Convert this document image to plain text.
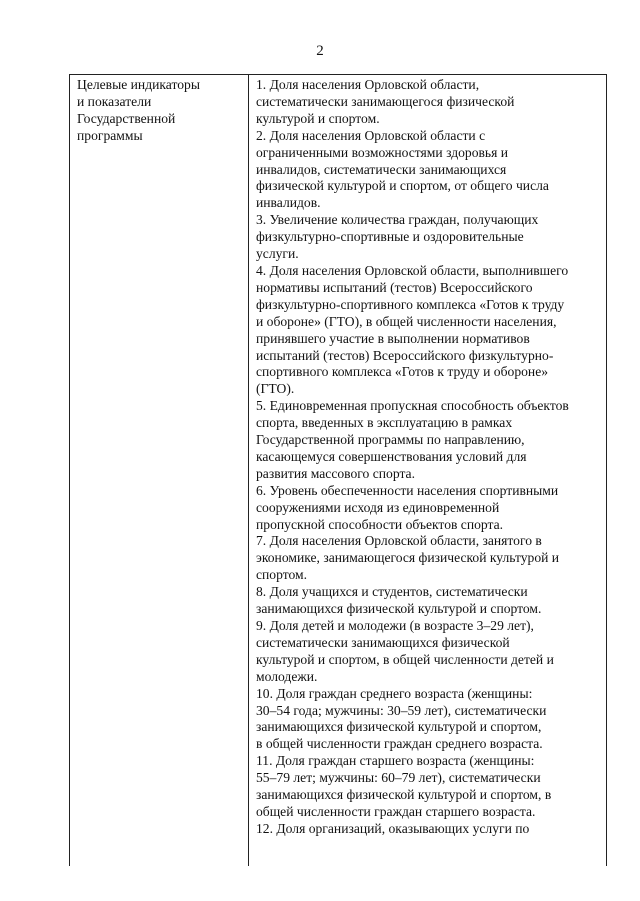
2
Целевые индикаторы
и показатели
Государственной
программы

1. Доля населения Орловской области,
систематически занимающегося физической
культурой и спортом.
2. Доля населения Орловской области с
ограниченными возможностями здоровья и
инвалидов, систематически занимающихся
физической культурой и спортом, от общего числа
инвалидов.
3. Увеличение количества граждан, получающих
физкультурно-спортивные и оздоровительные
услуги.
4. Доля населения Орловской области, выполнившего
нормативы испытаний (тестов) Всероссийского
физкультурно-спортивного комплекса «Готов к труду
и обороне» (ГТО), в общей численности населения,
принявшего участие в выполнении нормативов
испытаний (тестов) Всероссийского физкультурно-
спортивного комплекса «Готов к труду и обороне»
(ГТО).
5. Единовременная пропускная способность объектов
спорта, введенных в эксплуатацию в рамках
Государственной программы по направлению,
касающемуся совершенствования условий для
развития массового спорта.
6. Уровень обеспеченности населения спортивными
сооружениями исходя из единовременной
пропускной способности объектов спорта.
7. Доля населения Орловской области, занятого в
экономике, занимающегося физической культурой и
спортом.
8. Доля учащихся и студентов, систематически
занимающихся физической культурой и спортом.
9. Доля детей и молодежи (в возрасте 3–29 лет),
систематически занимающихся физической
культурой и спортом, в общей численности детей и
молодежи.
10. Доля граждан среднего возраста (женщины:
30–54 года; мужчины: 30–59 лет), систематически
занимающихся физической культурой и спортом,
в общей численности граждан среднего возраста.
11. Доля граждан старшего возраста (женщины:
55–79 лет; мужчины: 60–79 лет), систематически
занимающихся физической культурой и спортом, в
общей численности граждан старшего возраста.
12. Доля организаций, оказывающих услуги по
